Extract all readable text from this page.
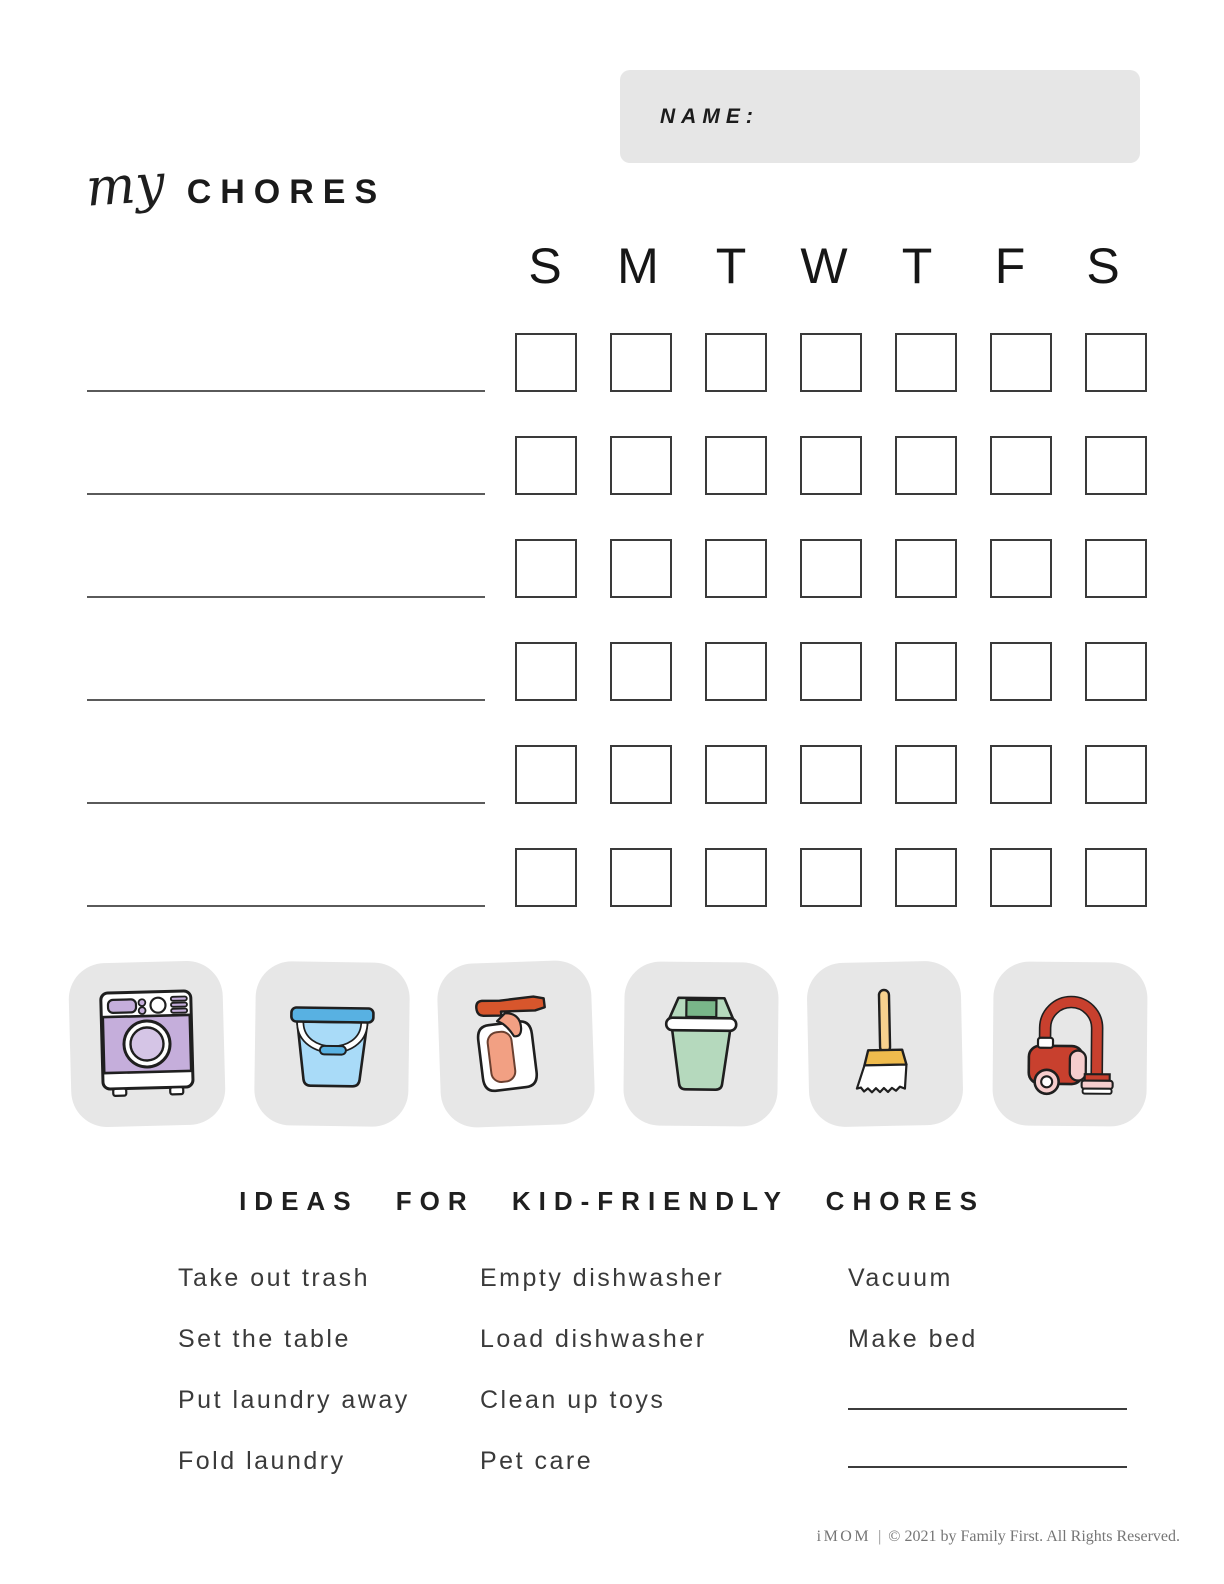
NAME:
my CHORES
S M T W T F S
IDEAS FOR KID-FRIENDLY CHORES
Take out trash
Set the table
Put laundry away
Fold laundry
Empty dishwasher
Load dishwasher
Clean up toys
Pet care
Vacuum
Make bed
iMOM | © 2021 by Family First. All Rights Reserved.
